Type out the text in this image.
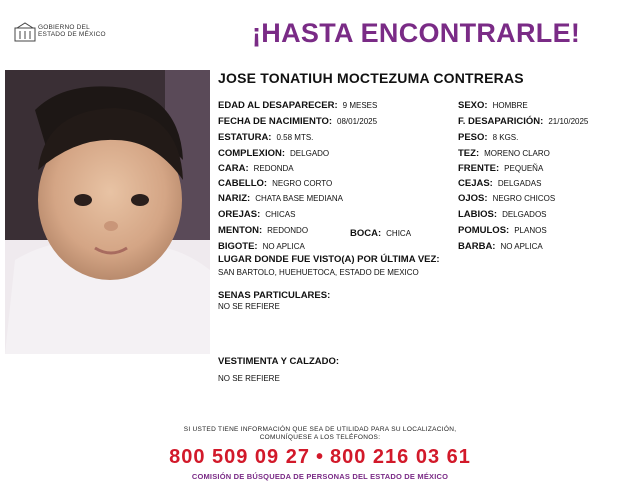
GOBIERNO DEL
ESTADO DE MÉXICO	¡HASTA ENCONTRARLE!
JOSE TONATIUH MOCTEZUMA CONTRERAS
EDAD AL DESAPARECER: 9 MESES
FECHA DE NACIMIENTO: 08/01/2025
ESTATURA: 0.58 MTS.
COMPLEXION: DELGADO
CARA: REDONDA
CABELLO: NEGRO CORTO
NARIZ: CHATA BASE MEDIANA
OREJAS: CHICAS
MENTON: REDONDO	BOCA: CHICA
BIGOTE: NO APLICA
SEXO: HOMBRE
F. DESAPARICIÓN: 21/10/2025
PESO: 8 KGS.
TEZ: MORENO CLARO
FRENTE: PEQUEÑA
CEJAS: DELGADAS
OJOS: NEGRO CHICOS
LABIOS: DELGADOS
POMULOS: PLANOS
BARBA: NO APLICA
LUGAR DONDE FUE VISTO(A) POR ÚLTIMA VEZ:
SAN BARTOLO, HUEHUETOCA, ESTADO DE MEXICO
SENAS PARTICULARES:
NO SE REFIERE
VESTIMENTA Y CALZADO:
NO SE REFIERE
SI USTED TIENE INFORMACIÓN QUE SEA DE UTILIDAD PARA SU LOCALIZACIÓN,
COMUNÍQUESE A LOS TELÉFONOS:
800 509 09 27 • 800 216 03 61
COMISIÓN DE BÚSQUEDA DE PERSONAS DEL ESTADO DE MÉXICO
